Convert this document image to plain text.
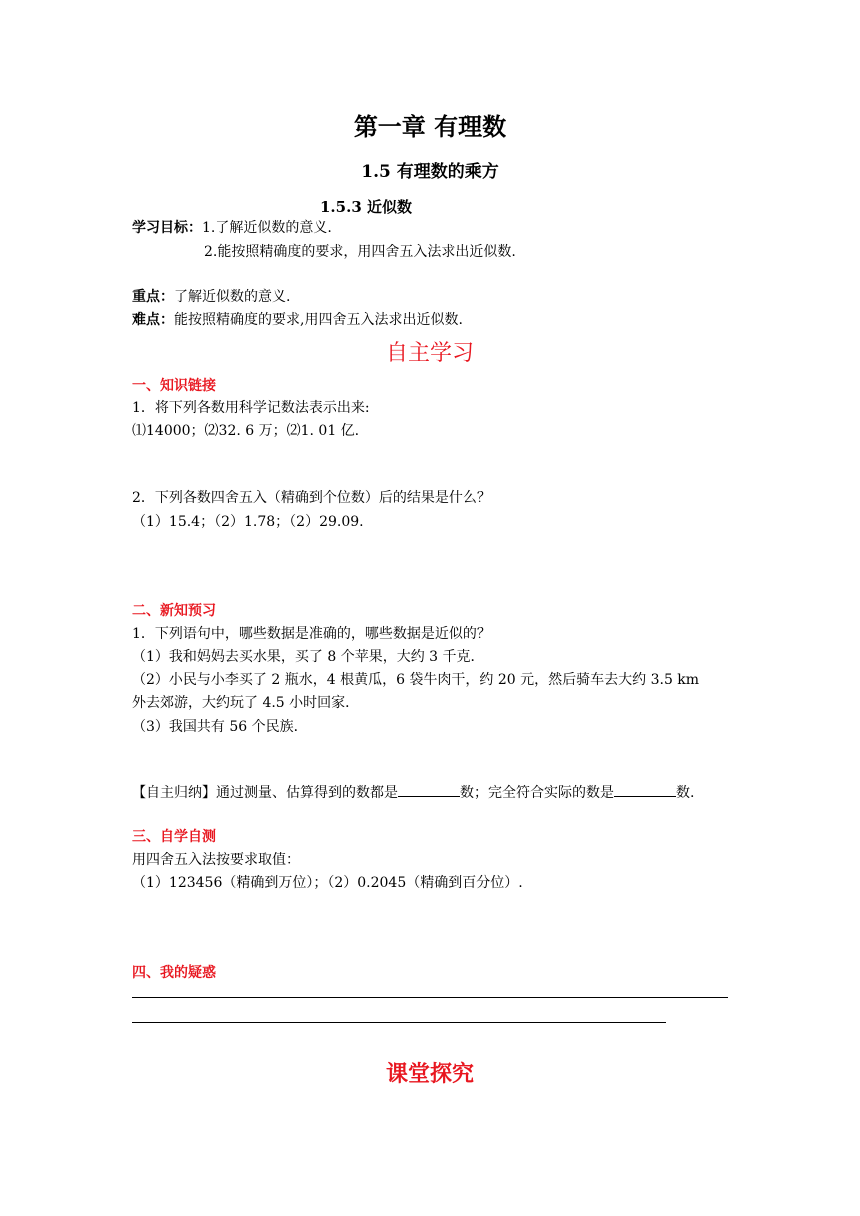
第一章 有理数
1.5 有理数的乘方
1.5.3 近似数
学习目标：1.了解近似数的意义.
2.能按照精确度的要求，用四舍五入法求出近似数.
重点：了解近似数的意义.
难点：能按照精确度的要求,用四舍五入法求出近似数.
自主学习
一、知识链接
1．将下列各数用科学记数法表示出来:
⑴14000；⑵32. 6 万；⑵1. 01 亿.
2．下列各数四舍五入（精确到个位数）后的结果是什么？
（1）15.4；（2）1.78；（2）29.09.
二、新知预习
1．下列语句中，哪些数据是准确的，哪些数据是近似的？
（1）我和妈妈去买水果，买了 8 个苹果，大约 3 千克．
（2）小民与小李买了 2 瓶水，4 根黄瓜，6 袋牛肉干，约 20 元，然后骑车去大约 3.5 km
外去郊游，大约玩了 4.5 小时回家．
（3）我国共有 56 个民族．
【自主归纳】通过测量、估算得到的数都是	数；完全符合实际的数是	数.
三、自学自测
用四舍五入法按要求取值：
（1）123456（精确到万位）；（2）0.2045（精确到百分位）.
四、我的疑惑
课堂探究
